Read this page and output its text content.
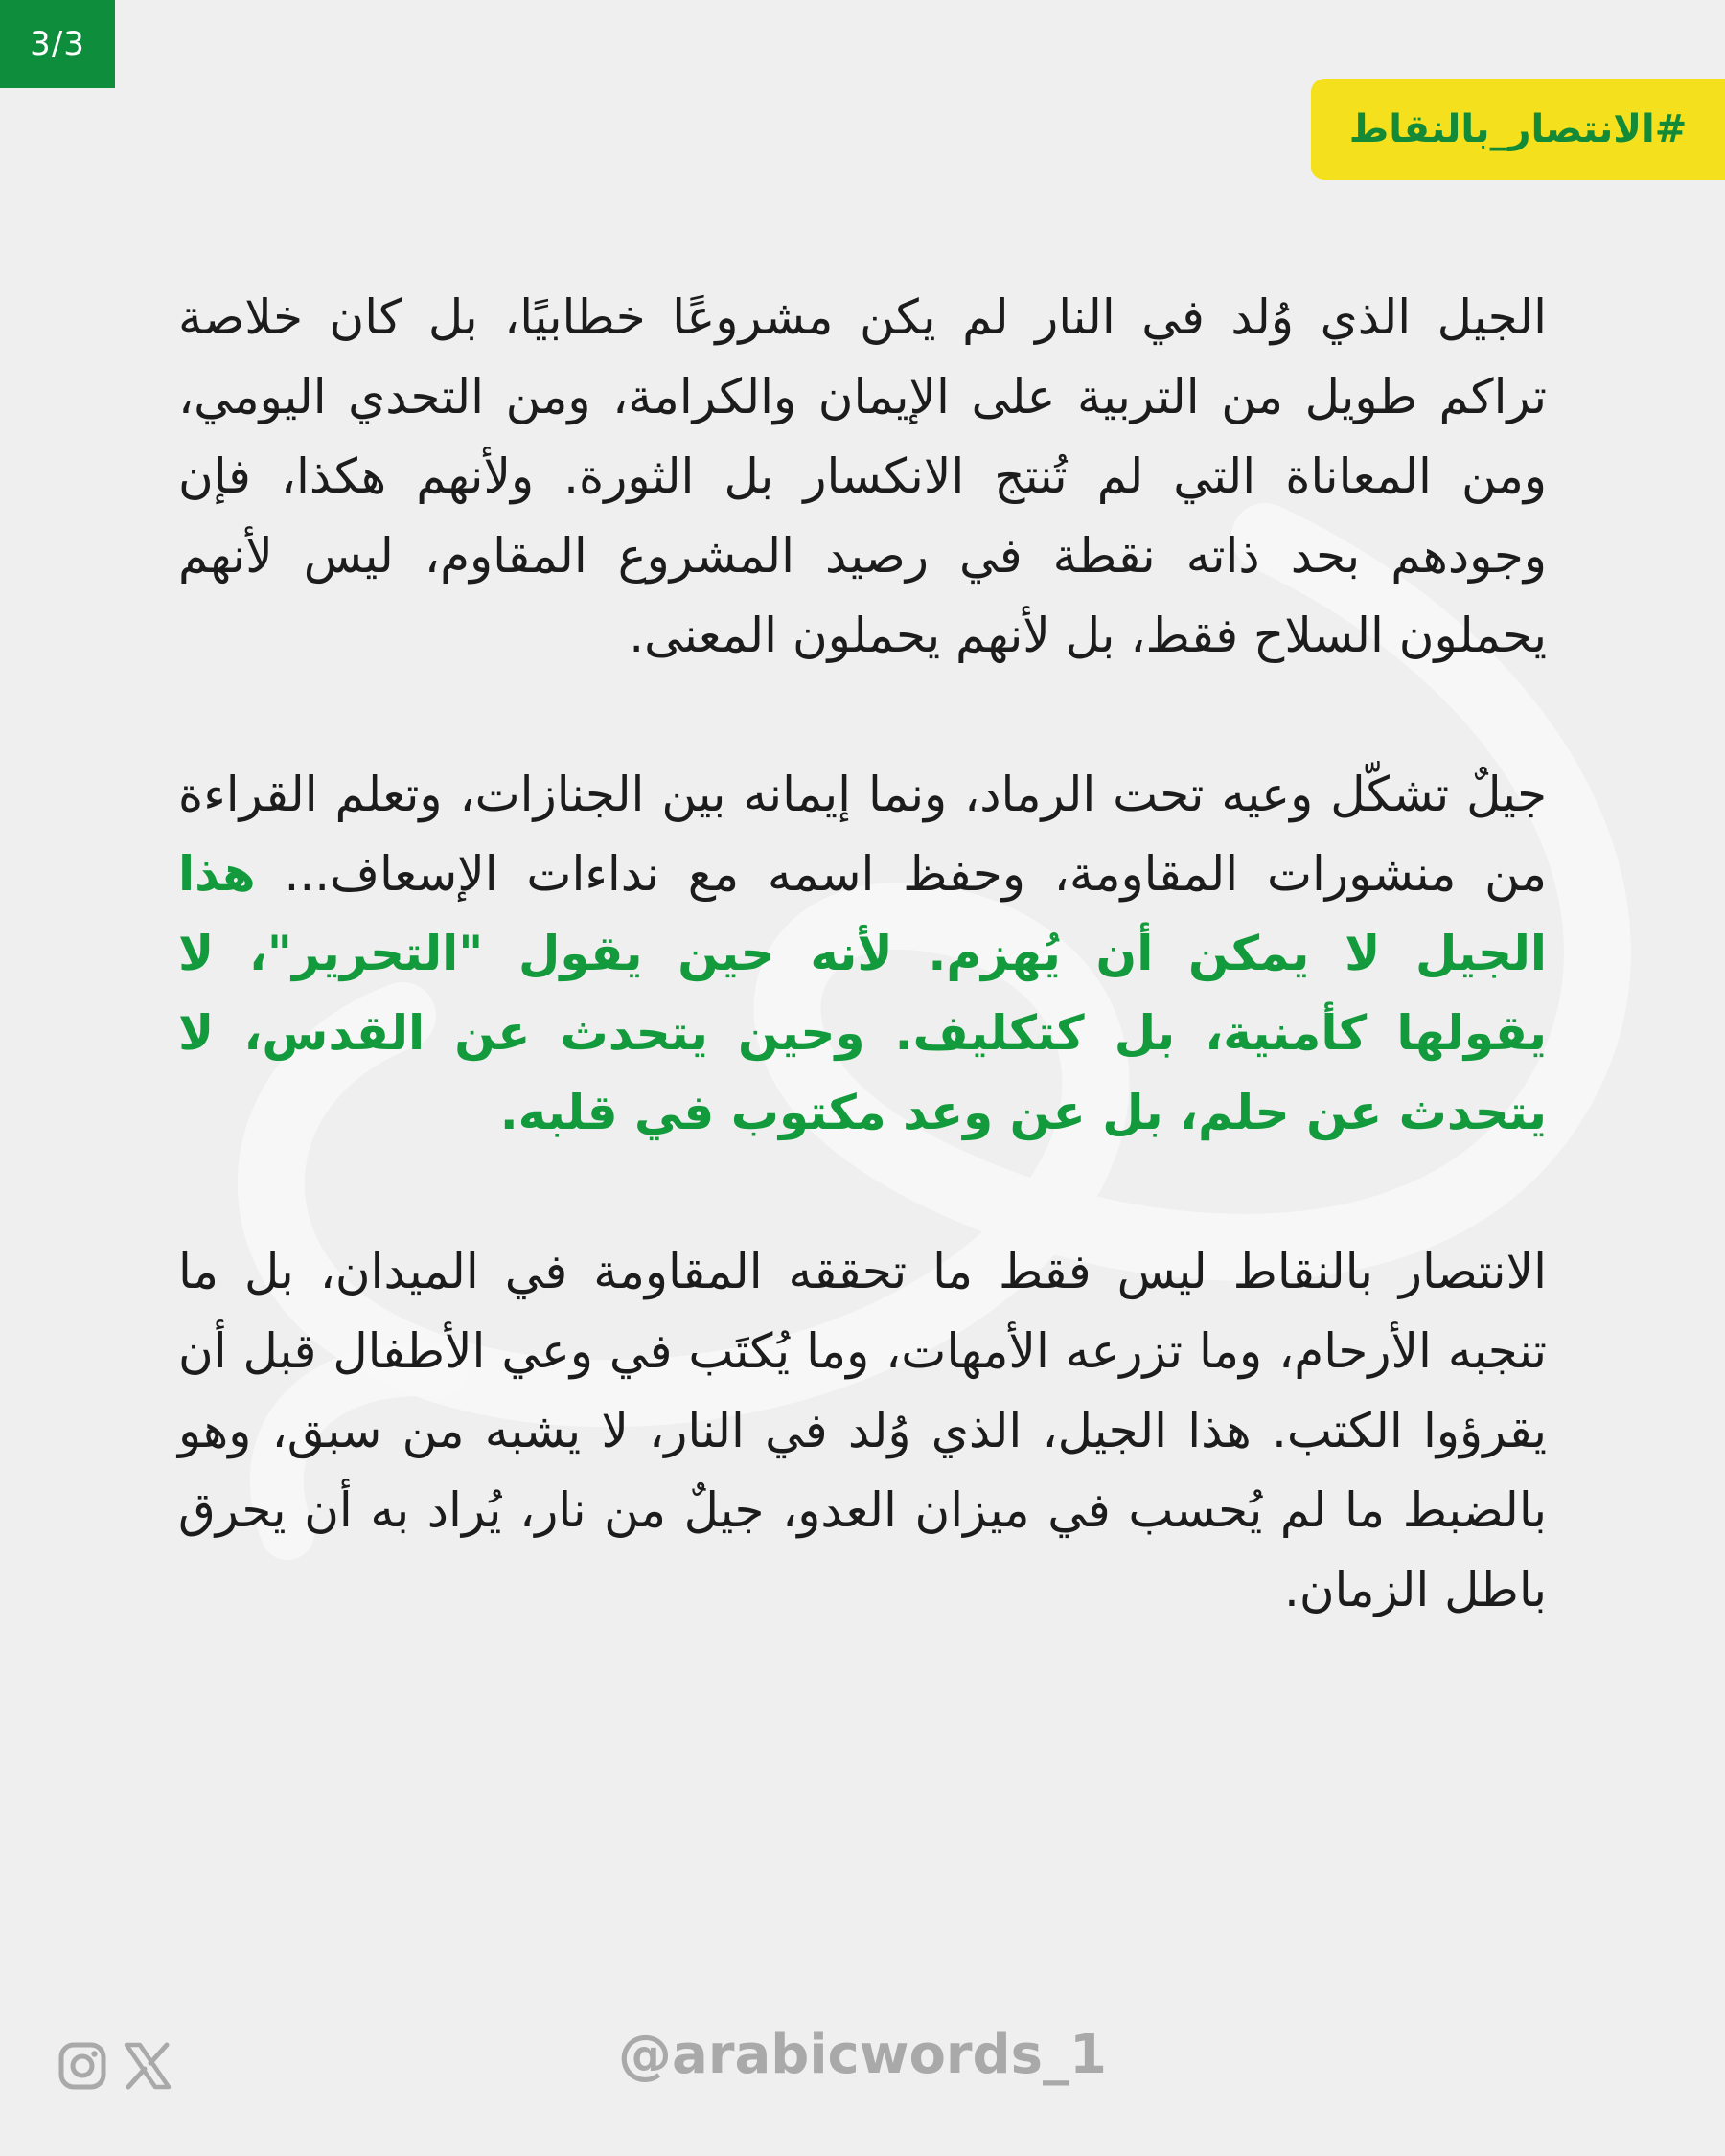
3/3
#الانتصار_بالنقاط

الجيل الذي وُلد في النار لم يكن مشروعًا خطابيًا، بل كان خلاصة تراكم طويل من التربية على الإيمان والكرامة، ومن التحدي اليومي، ومن المعاناة التي لم تُنتج الانكسار بل الثورة. ولأنهم هكذا، فإن وجودهم بحد ذاته نقطة في رصيد المشروع المقاوم، ليس لأنهم يحملون السلاح فقط، بل لأنهم يحملون المعنى.

جيلٌ تشكّل وعيه تحت الرماد، ونما إيمانه بين الجنازات، وتعلم القراءة من منشورات المقاومة، وحفظ اسمه مع نداءات الإسعاف... هذا الجيل لا يمكن أن يُهزم. لأنه حين يقول "التحرير"، لا يقولها كأمنية، بل كتكليف. وحين يتحدث عن القدس، لا يتحدث عن حلم، بل عن وعد مكتوب في قلبه.

الانتصار بالنقاط ليس فقط ما تحققه المقاومة في الميدان، بل ما تنجبه الأرحام، وما تزرعه الأمهات، وما يُكتَب في وعي الأطفال قبل أن يقرؤوا الكتب. هذا الجيل، الذي وُلد في النار، لا يشبه من سبق، وهو بالضبط ما لم يُحسب في ميزان العدو، جيلٌ من نار، يُراد به أن يحرق باطل الزمان.

@arabicwords_1
